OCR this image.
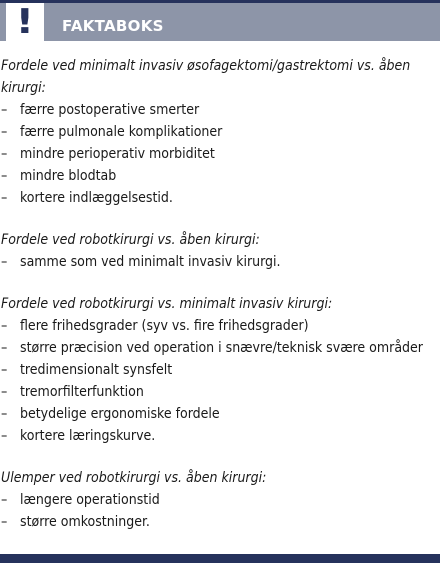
FAKTABOKS
!
Fordele ved minimalt invasiv øsofagektomi/gastrektomi vs. åben kirurgi:
– færre postoperative smerter
– færre pulmonale komplikationer
– mindre perioperativ morbiditet
– mindre blodtab
– kortere indlæggelsestid.
Fordele ved robotkirurgi vs. åben kirurgi:
– samme som ved minimalt invasiv kirurgi.
Fordele ved robotkirurgi vs. minimalt invasiv kirurgi:
– flere frihedsgrader (syv vs. fire frihedsgrader)
– større præcision ved operation i snævre/teknisk svære områder
– tredimensionalt synsfelt
– tremorfilterfunktion
– betydelige ergonomiske fordele
– kortere læringskurve.
Ulemper ved robotkirurgi vs. åben kirurgi:
– længere operationstid
– større omkostninger.
